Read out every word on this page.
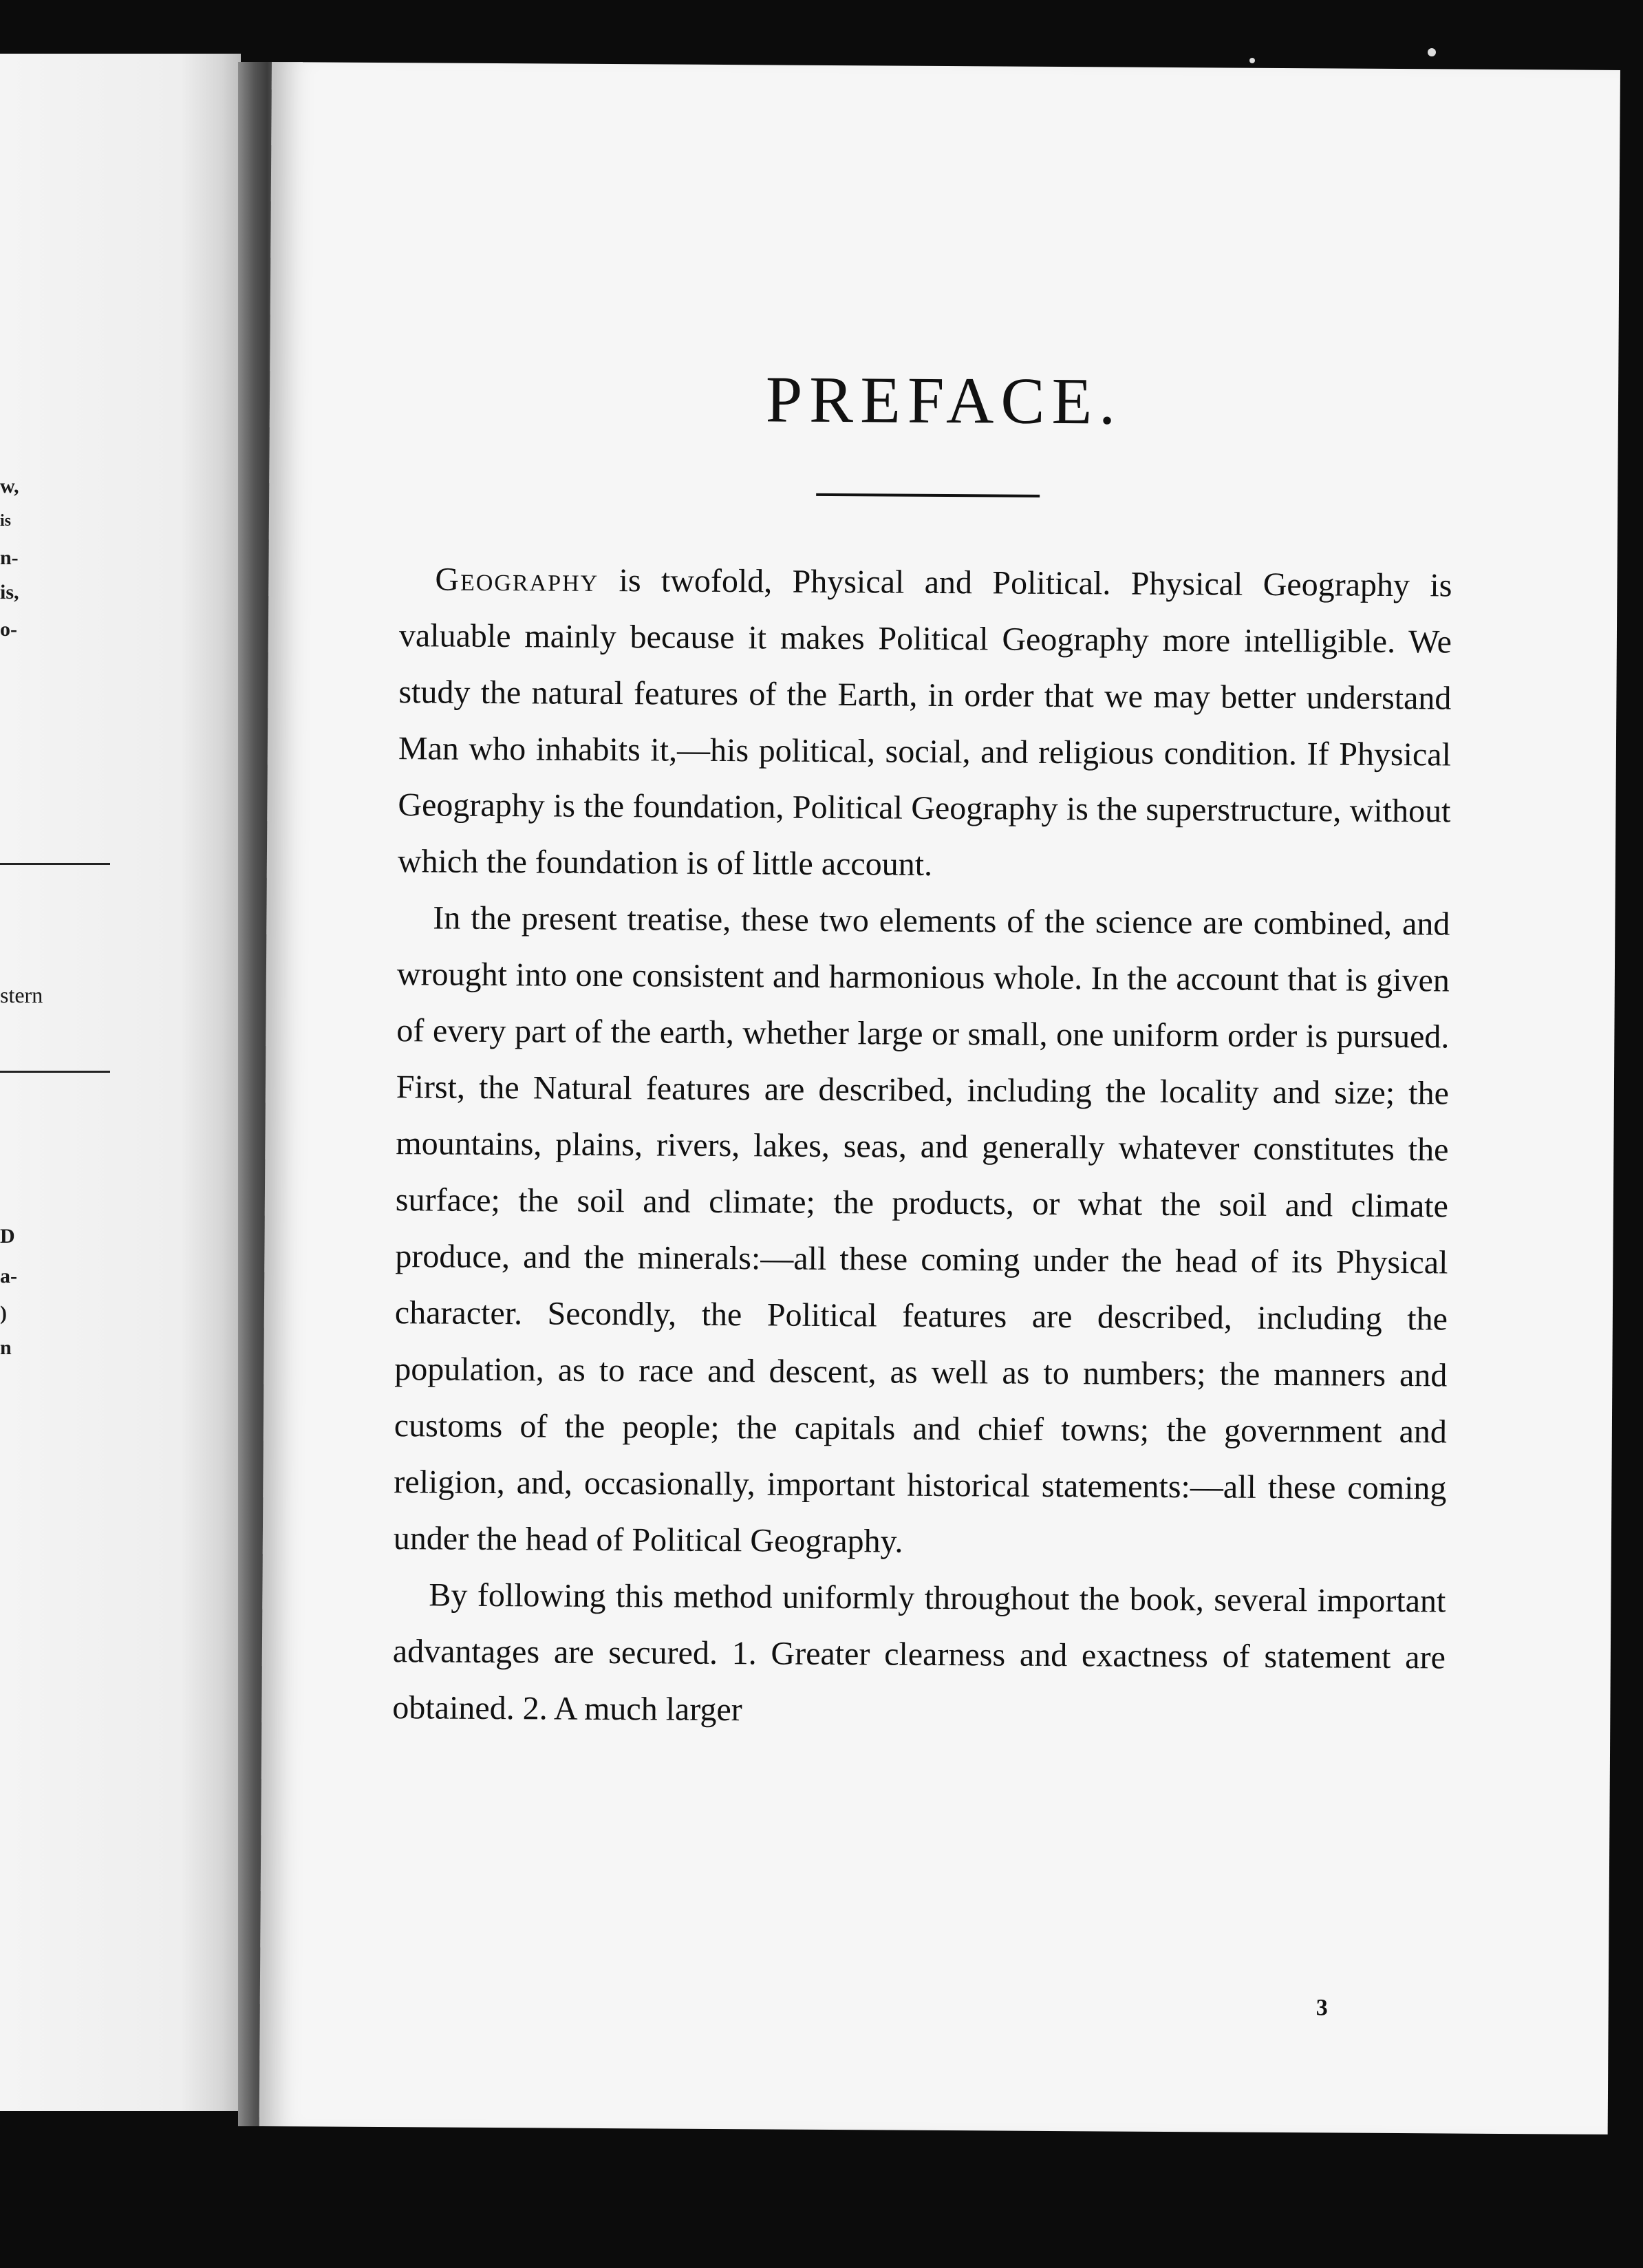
w,
is
n-
is,
o-
stern
D
a-
)
n
PREFACE.

Geography is twofold, Physical and Political. Physical Geography is valuable mainly because it makes Political Geography more intelligible. We study the natural features of the Earth, in order that we may better understand Man who inhabits it,—his political, social, and religious condition. If Physical Geography is the foundation, Political Geography is the superstructure, without which the foundation is of little account.

In the present treatise, these two elements of the science are combined, and wrought into one consistent and harmonious whole. In the account that is given of every part of the earth, whether large or small, one uniform order is pursued. First, the Natural features are described, including the locality and size; the mountains, plains, rivers, lakes, seas, and generally whatever constitutes the surface; the soil and climate; the products, or what the soil and climate produce, and the minerals:—all these coming under the head of its Physical character. Secondly, the Political features are described, including the population, as to race and descent, as well as to numbers; the manners and customs of the people; the capitals and chief towns; the government and religion, and, occasionally, important historical statements:—all these coming under the head of Political Geography.

By following this method uniformly throughout the book, several important advantages are secured. 1. Greater clearness and exactness of statement are obtained. 2. A much larger

3
